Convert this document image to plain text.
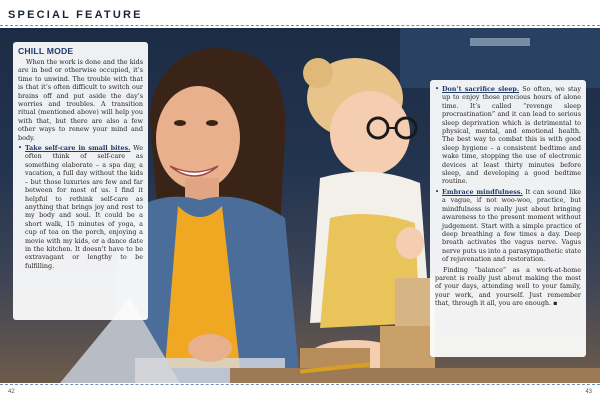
SPECIAL FEATURE
CHILL MODE

When the work is done and the kids are in bed or otherwise occupied, it’s time to unwind. The trouble with that is that it’s often difficult to switch our brains off and put aside the day’s worries and troubles. A transition ritual (mentioned above) will help you with that, but there are also a few other ways to renew your mind and body.

• Take self-care in small bites. We often think of self-care as something elaborate – a spa day, a vacation, a full day without the kids – but those luxuries are few and far between for most of us. I find it helpful to rethink self-care as anything that brings joy and rest to my body and soul. It could be a short walk, 15 minutes of yoga, a cup of tea on the porch, enjoying a movie with my kids, or a dance date in the kitchen. It doesn’t have to be extravagant or lengthy to be fulfilling.
• Don’t sacrifice sleep. So often, we stay up to enjoy those precious hours of alone time. It’s called “revenge sleep procrastination” and it can lead to serious sleep deprivation which is detrimental to physical, mental, and emotional health. The best way to combat this is with good sleep hygiene – a consistent bedtime and wake time, stopping the use of electronic devices at least thirty minutes before sleep, and developing a good bedtime routine.
• Embrace mindfulness. It can sound like a vague, if not woo-woo, practice, but mindfulness is really just about bringing awareness to the present moment without judgement. Start with a simple practice of deep breathing a few times a day. Deep breath activates the vagus nerve. Vagus nerve puts us into a parasympathetic state of rejuvenation and restoration.

Finding “balance” as a work-at-home parent is really just about making the most of your days, attending well to your family, your work, and yourself. Just remember that, through it all, you are enough. ▪

42	43
